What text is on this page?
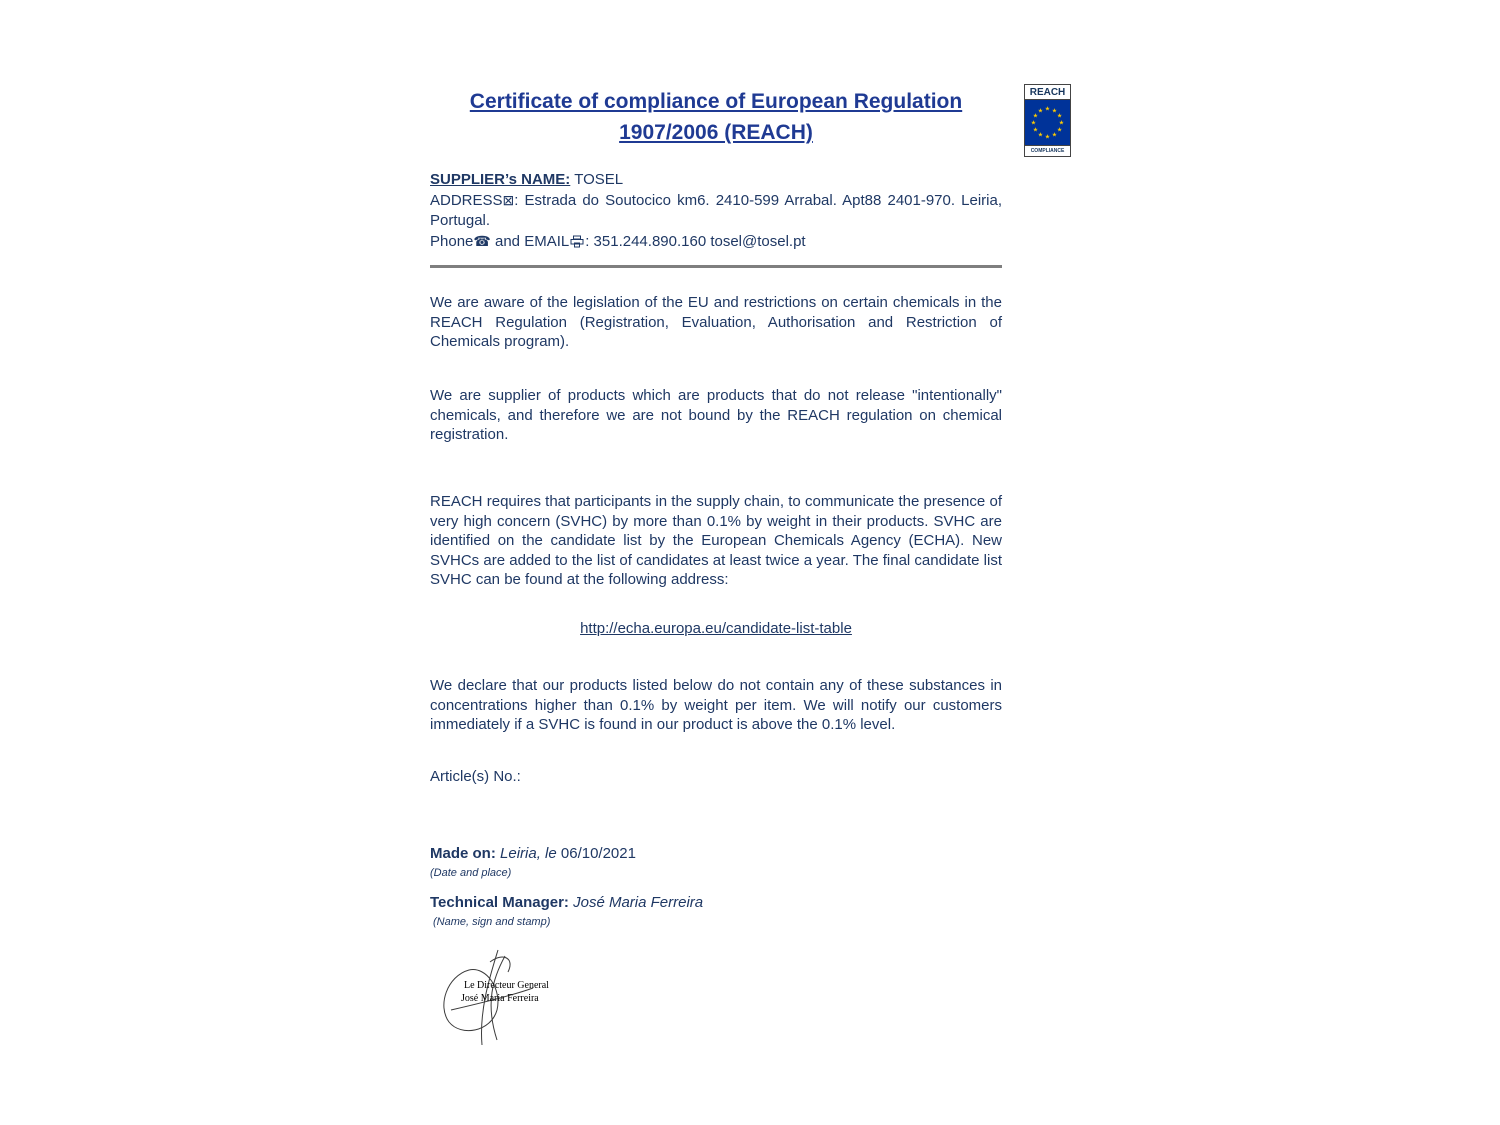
REACH
★ ★
★
★
★
★
★
★
★
★
★
★
COMPLIANCE
Certificate of compliance of European Regulation
1907/2006 (REACH)

SUPPLIER’s NAME: TOSEL

ADDRESS⊠: Estrada do Soutocico km6. 2410-599 Arrabal. Apt88 2401-970. Leiria, Portugal.

Phone☎ and EMAIL : 351.244.890.160 tosel@tosel.pt

We are aware of the legislation of the EU and restrictions on certain chemicals in the REACH Regulation (Registration, Evaluation, Authorisation and Restriction of Chemicals program).

We are supplier of products which are products that do not release "intentionally" chemicals, and therefore we are not bound by the REACH regulation on chemical registration.

REACH requires that participants in the supply chain, to communicate the presence of very high concern (SVHC) by more than 0.1% by weight in their products. SVHC are identified on the candidate list by the European Chemicals Agency (ECHA). New SVHCs are added to the list of candidates at least twice a year. The final candidate list SVHC can be found at the following address:

http://echa.europa.eu/candidate-list-table

We declare that our products listed below do not contain any of these substances in concentrations higher than 0.1% by weight per item. We will notify our customers immediately if a SVHC is found in our product is above the 0.1% level.

Article(s) No.:

Made on: Leiria, le 06/10/2021
(Date and place)
Technical Manager: José Maria Ferreira
(Name, sign and stamp)
Le Directeur General
José Maria Ferreira
